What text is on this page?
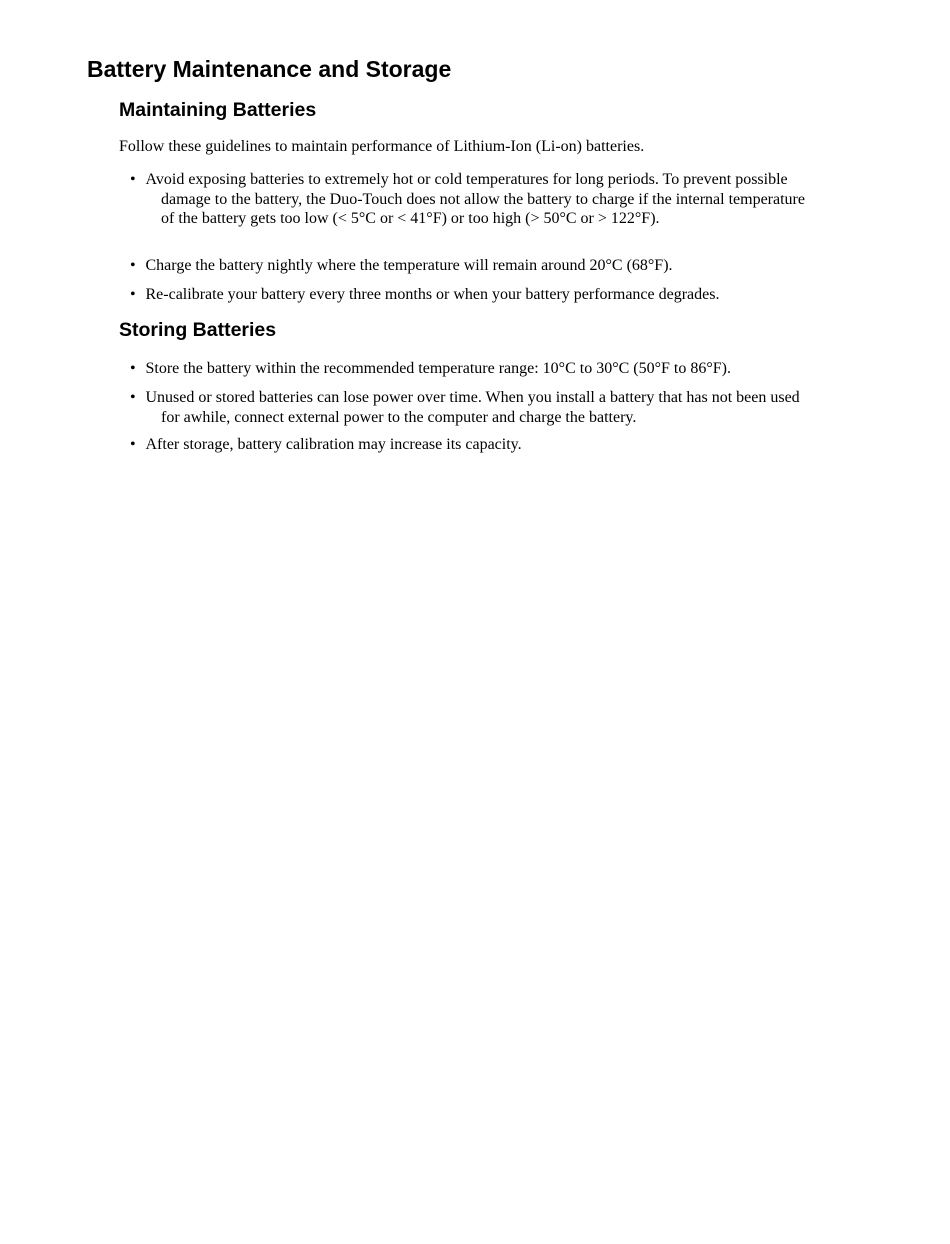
Battery Maintenance and Storage
Maintaining Batteries

Follow these guidelines to maintain performance of Lithium-Ion (Li-on) batteries.

• Avoid exposing batteries to extremely hot or cold temperatures for long periods. To prevent possible damage to the battery, the Duo-Touch does not allow the battery to charge if the internal temperature of the battery gets too low (< 5°C or < 41°F) or too high (> 50°C or > 122°F).
• Charge the battery nightly where the temperature will remain around 20°C (68°F).
• Re-calibrate your battery every three months or when your battery performance degrades.
Storing Batteries
• Store the battery within the recommended temperature range: 10°C to 30°C (50°F to 86°F).
• Unused or stored batteries can lose power over time. When you install a battery that has not been used for awhile, connect external power to the computer and charge the battery.
• After storage, battery calibration may increase its capacity.
